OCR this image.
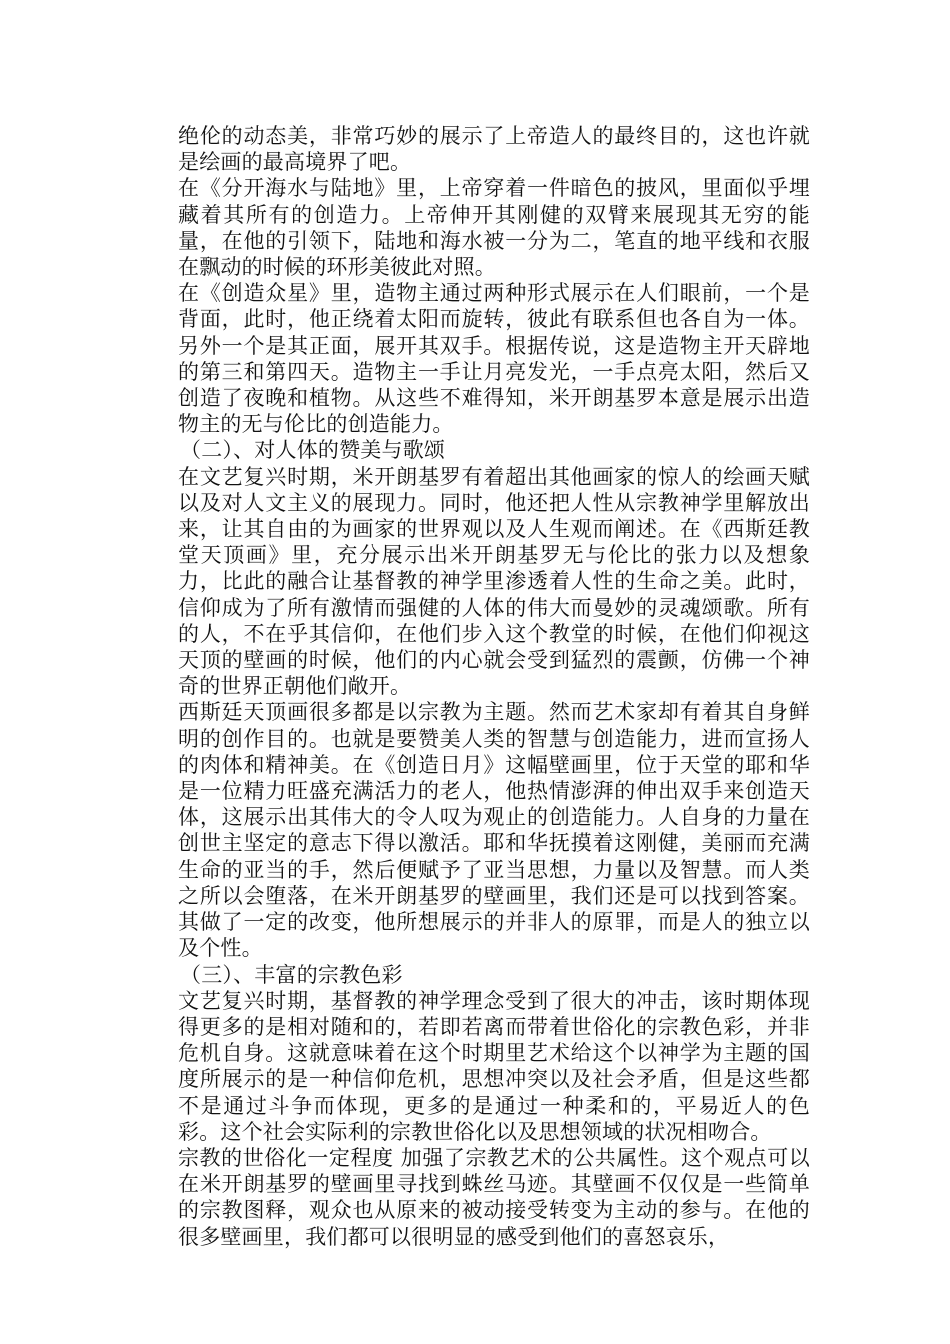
绝伦的动态美，非常巧妙的展示了上帝造人的最终目的，这也许就是绘画的最高境界了吧。

在《分开海水与陆地》里，上帝穿着一件暗色的披风，里面似乎埋藏着其所有的创造力。上帝伸开其刚健的双臂来展现其无穷的能量，在他的引领下，陆地和海水被一分为二，笔直的地平线和衣服在飘动的时候的环形美彼此对照。

在《创造众星》里，造物主通过两种形式展示在人们眼前，一个是背面，此时，他正绕着太阳而旋转，彼此有联系但也各自为一体。另外一个是其正面，展开其双手。根据传说，这是造物主开天辟地的第三和第四天。造物主一手让月亮发光，一手点亮太阳，然后又创造了夜晚和植物。从这些不难得知，米开朗基罗本意是展示出造物主的无与伦比的创造能力。

（二）、对人体的赞美与歌颂

在文艺复兴时期，米开朗基罗有着超出其他画家的惊人的绘画天赋以及对人文主义的展现力。同时，他还把人性从宗教神学里解放出来，让其自由的为画家的世界观以及人生观而阐述。在《西斯廷教堂天顶画》里，充分展示出米开朗基罗无与伦比的张力以及想象力，比此的融合让基督教的神学里渗透着人性的生命之美。此时，信仰成为了所有激情而强健的人体的伟大而曼妙的灵魂颂歌。所有的人，不在乎其信仰，在他们步入这个教堂的时候，在他们仰视这天顶的壁画的时候，他们的内心就会受到猛烈的震颤，仿佛一个神奇的世界正朝他们敞开。

西斯廷天顶画很多都是以宗教为主题。然而艺术家却有着其自身鲜明的创作目的。也就是要赞美人类的智慧与创造能力，进而宣扬人的肉体和精神美。在《创造日月》这幅壁画里，位于天堂的耶和华是一位精力旺盛充满活力的老人，他热情澎湃的伸出双手来创造天体，这展示出其伟大的令人叹为观止的创造能力。人自身的力量在创世主坚定的意志下得以激活。耶和华抚摸着这刚健，美丽而充满生命的亚当的手，然后便赋予了亚当思想，力量以及智慧。而人类之所以会堕落，在米开朗基罗的壁画里，我们还是可以找到答案。其做了一定的改变，他所想展示的并非人的原罪，而是人的独立以及个性。

（三）、丰富的宗教色彩

文艺复兴时期，基督教的神学理念受到了很大的冲击，该时期体现得更多的是相对随和的，若即若离而带着世俗化的宗教色彩，并非危机自身。这就意味着在这个时期里艺术给这个以神学为主题的国度所展示的是一种信仰危机，思想冲突以及社会矛盾，但是这些都不是通过斗争而体现，更多的是通过一种柔和的，平易近人的色彩。这个社会实际利的宗教世俗化以及思想领域的状况相吻合。

宗教的世俗化一定程度 加强了宗教艺术的公共属性。这个观点可以在米开朗基罗的壁画里寻找到蛛丝马迹。其壁画不仅仅是一些简单的宗教图释，观众也从原来的被动接受转变为主动的参与。在他的很多壁画里，我们都可以很明显的感受到他们的喜怒哀乐，
